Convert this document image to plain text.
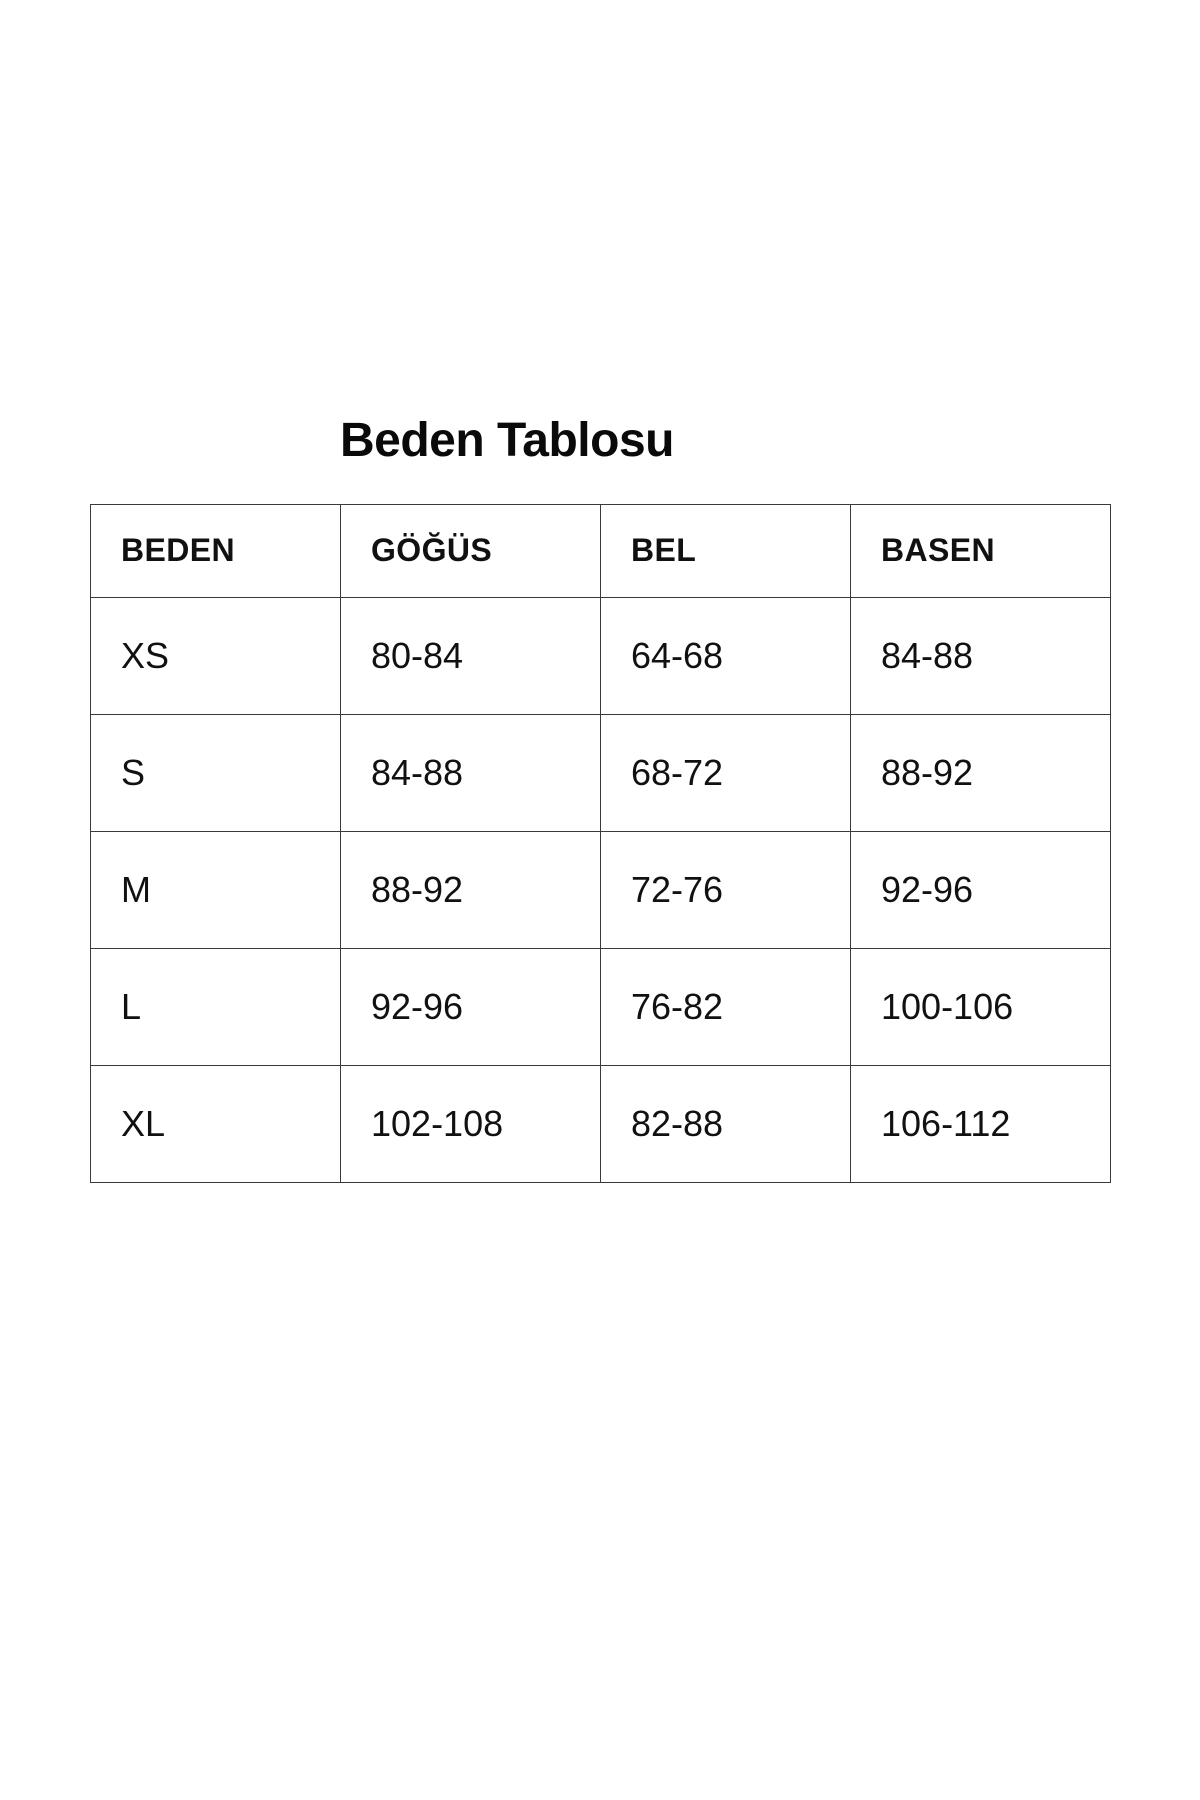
Beden Tablosu
BEDEN	GÖĞÜS	BEL	BASEN
XS	80-84	64-68	84-88
S	84-88	68-72	88-92
M	88-92	72-76	92-96
L	92-96	76-82	100-106
XL	102-108	82-88	106-112
